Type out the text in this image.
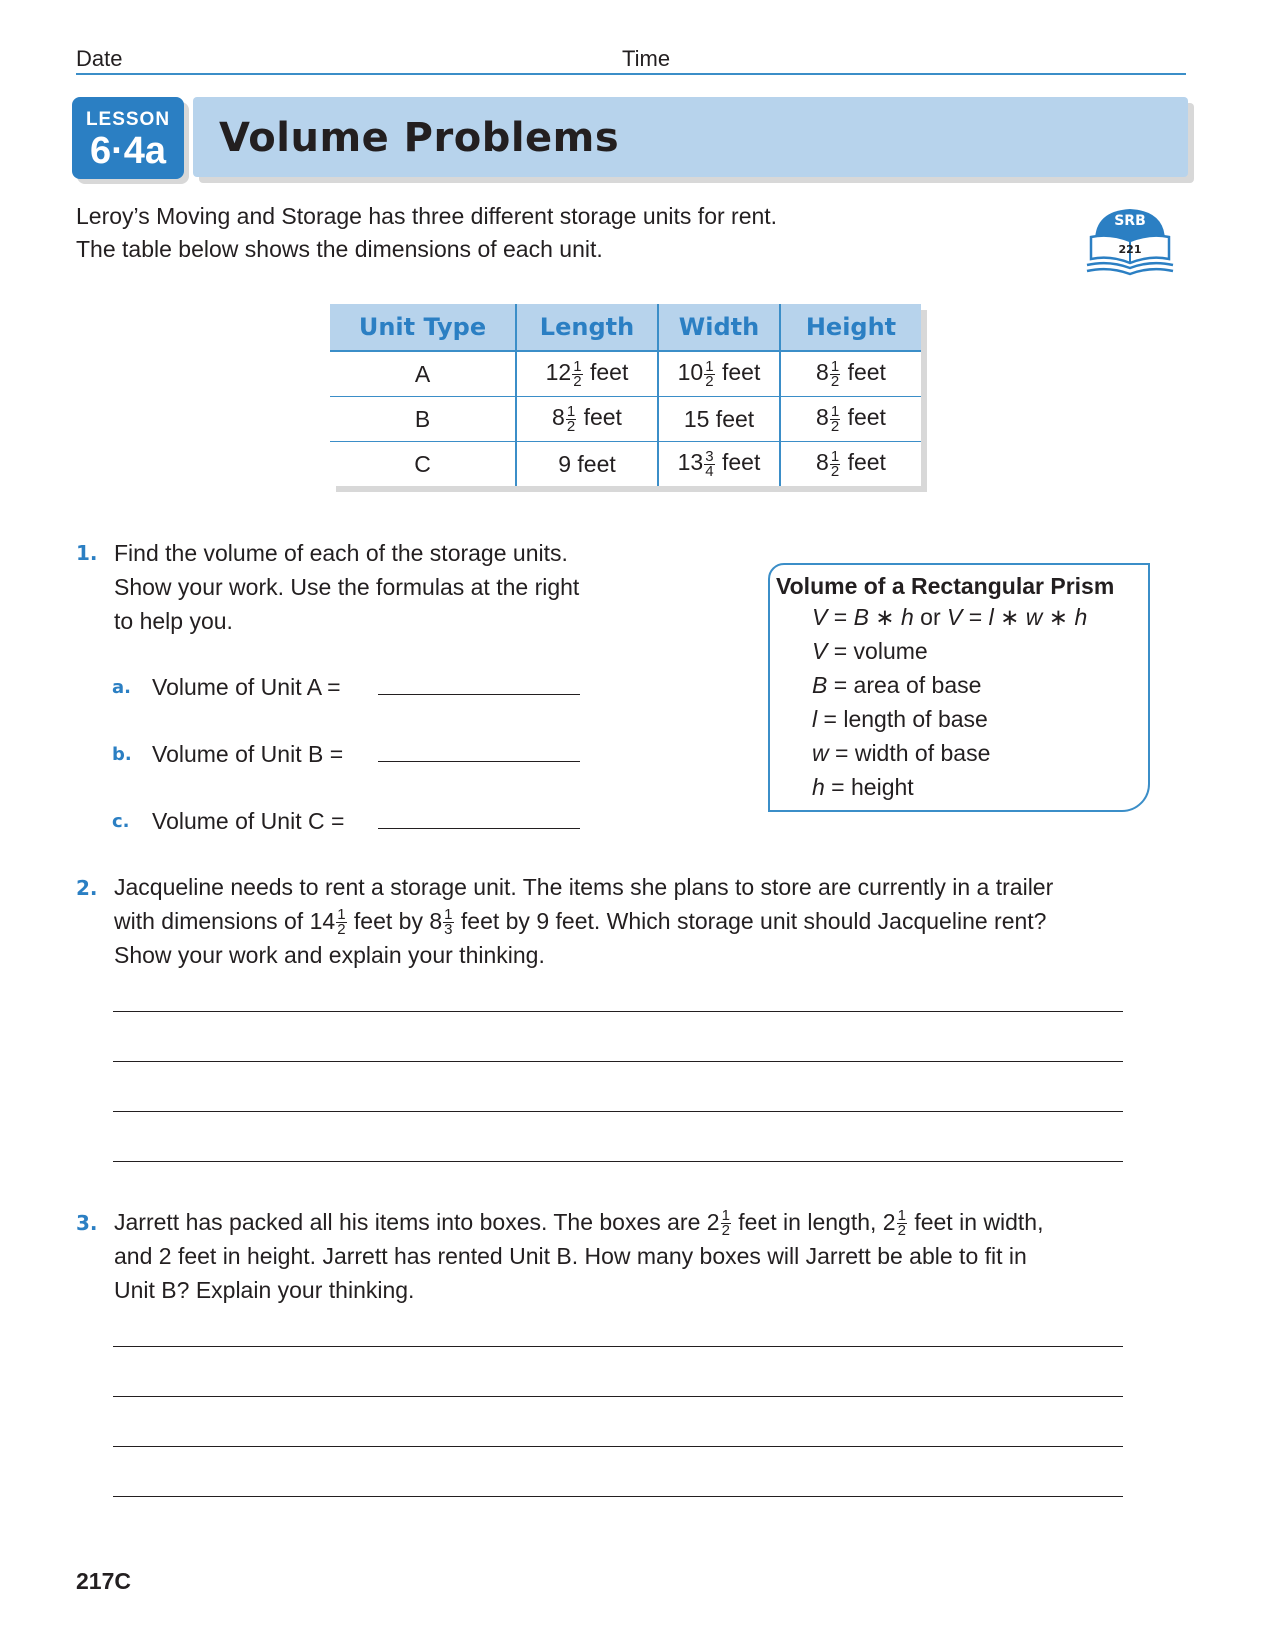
Date	Time
LESSON
6·4a	Volume Problems
Leroy’s Moving and Storage has three different storage units for rent.
The table below shows the dimensions of each unit.
SRB
221
Unit Type	Length	Width	Height
A	$12 \frac{1}{2}$ feet	$10 \frac{1}{2}$ feet	$8 \frac{1}{2}$ feet
B	$8 \frac{1}{2}$ feet	15 feet	$8 \frac{1}{2}$ feet
C	9 feet	$13 \frac{3}{4}$ feet	$8 \frac{1}{2}$ feet
1. Find the volume of each of the storage units.
Show your work. Use the formulas at the right
to help you.
a. Volume of Unit A =
b. Volume of Unit B =
c. Volume of Unit C =
Volume of a Rectangular Prism
V = B ∗ h or V = l ∗ w ∗ h
V = volume
B = area of base
l = length of base
w = width of base
h = height
2. Jacqueline needs to rent a storage unit. The items she plans to store are currently in a trailer
with dimensions of $14 \frac{1}{2}$ feet by $8 \frac{1}{3}$ feet by 9 feet. Which storage unit should Jacqueline rent?
Show your work and explain your thinking.
3. Jarrett has packed all his items into boxes. The boxes are $2 \frac{1}{2}$ feet in length, $2 \frac{1}{2}$ feet in width,
and 2 feet in height. Jarrett has rented Unit B. How many boxes will Jarrett be able to fit in
Unit B? Explain your thinking.
217C
